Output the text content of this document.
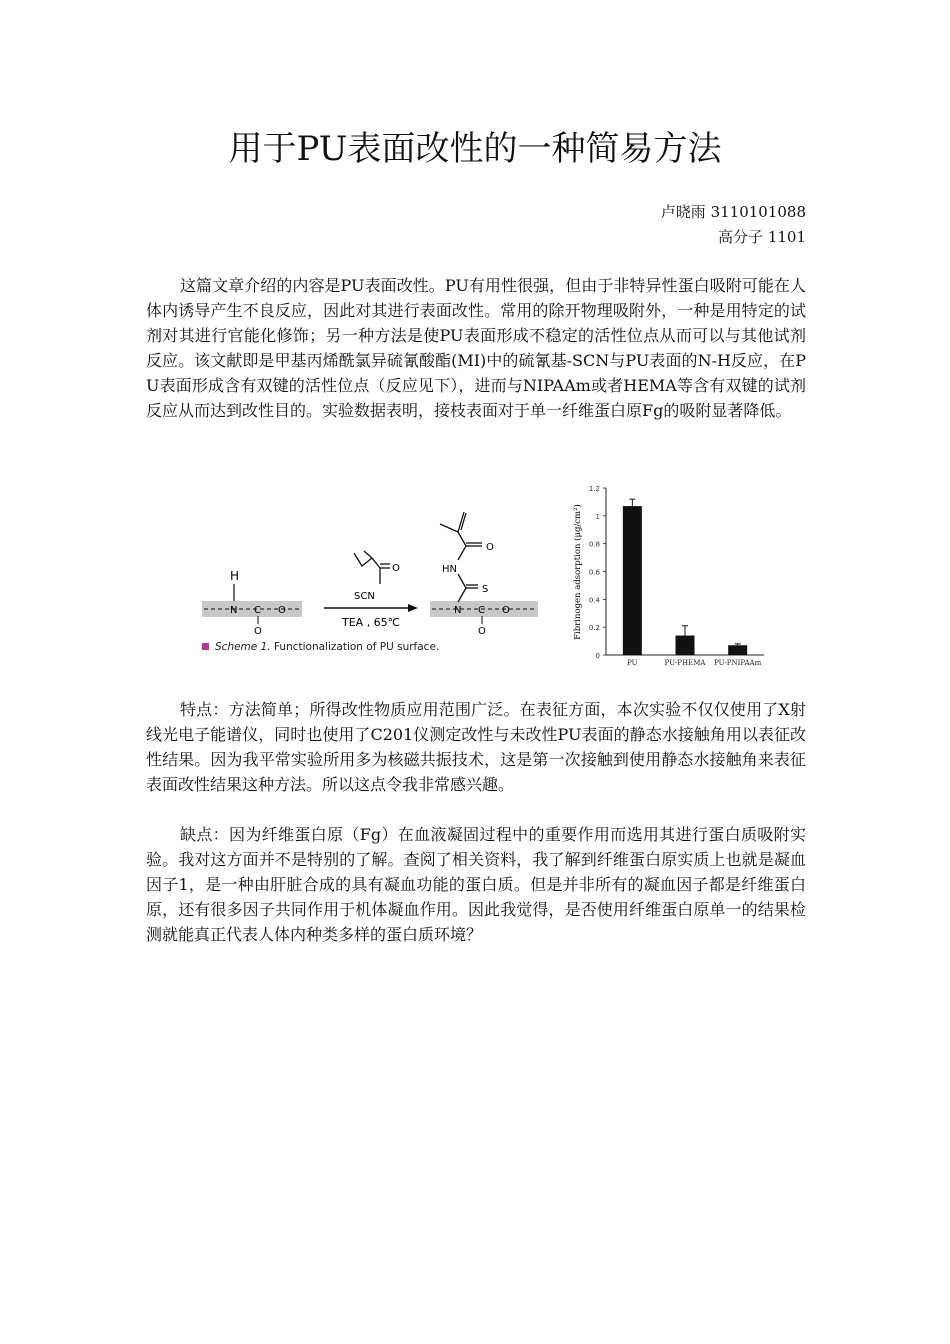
用于PU表面改性的一种简易方法
卢晓雨 3110101088
高分子 1101
这篇文章介绍的内容是PU表面改性。PU有用性很强，但由于非特异性蛋白吸附可能在人体内诱导产生不良反应，因此对其进行表面改性。常用的除开物理吸附外，一种是用特定的试剂对其进行官能化修饰；另一种方法是使PU表面形成不稳定的活性位点从而可以与其他试剂反应。该文献即是甲基丙烯酰氯异硫氰酸酯(MI)中的硫氰基-SCN与PU表面的N-H反应，在PU表面形成含有双键的活性位点（反应见下），进而与NIPAAm或者HEMA等含有双键的试剂反应从而达到改性目的。实验数据表明，接枝表面对于单一纤维蛋白原Fg的吸附显著降低。
H
N C O
O
O
SCN
TEA , 65℃
N C O
O
S
HN
O
Scheme 1. Functionalization of PU surface.
Fibrinogen adsorption (μg/cm²)
0
0.2
0.4
0.6
0.8
1
1.2
PU	PU-PHEMA PU-PNIPAAm
特点：方法简单；所得改性物质应用范围广泛。在表征方面，本次实验不仅仅使用了X射线光电子能谱仪，同时也使用了C201仪测定改性与未改性PU表面的静态水接触角用以表征改性结果。因为我平常实验所用多为核磁共振技术，这是第一次接触到使用静态水接触角来表征表面改性结果这种方法。所以这点令我非常感兴趣。
缺点：因为纤维蛋白原（Fg）在血液凝固过程中的重要作用而选用其进行蛋白质吸附实验。我对这方面并不是特别的了解。查阅了相关资料，我了解到纤维蛋白原实质上也就是凝血因子1，是一种由肝脏合成的具有凝血功能的蛋白质。但是并非所有的凝血因子都是纤维蛋白原，还有很多因子共同作用于机体凝血作用。因此我觉得，是否使用纤维蛋白原单一的结果检测就能真正代表人体内种类多样的蛋白质环境？
